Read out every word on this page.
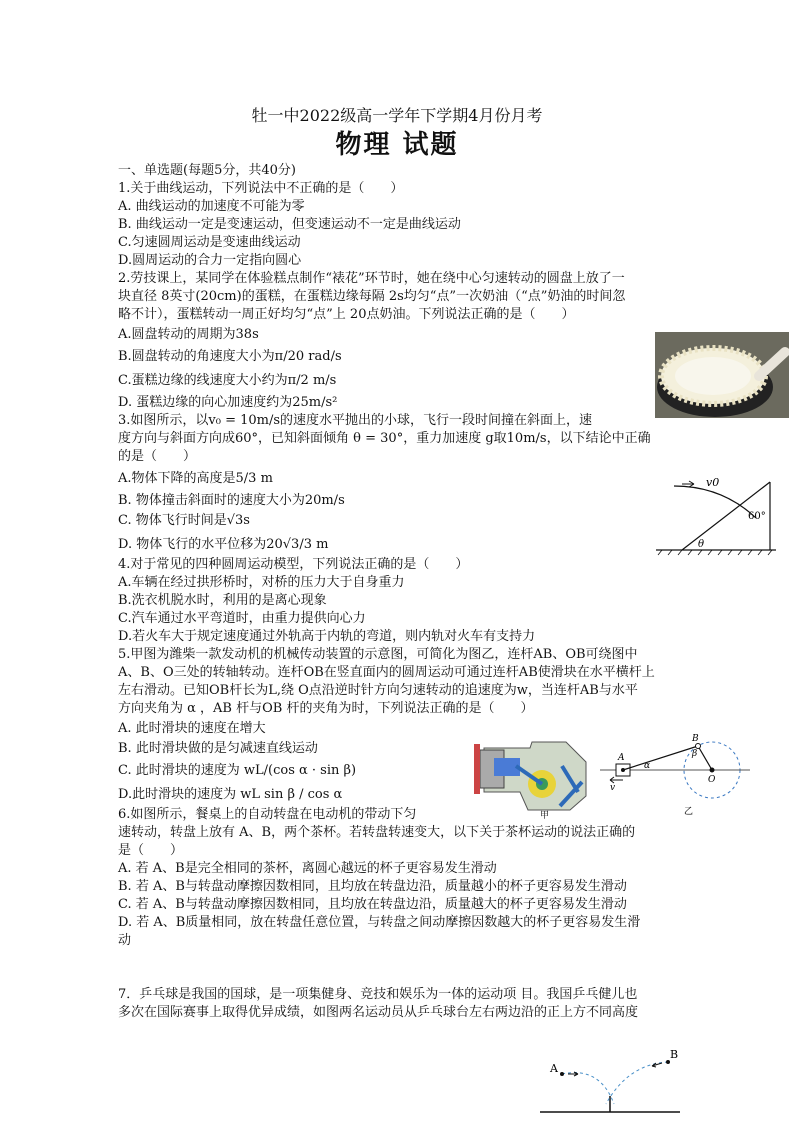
牡一中2022级高一学年下学期4月份月考
物理 试题
一、单选题(每题5分，共40分)
1.关于曲线运动，下列说法中不正确的是（　　）
A. 曲线运动的加速度不可能为零
B. 曲线运动一定是变速运动，但变速运动不一定是曲线运动
C.匀速圆周运动是变速曲线运动
D.圆周运动的合力一定指向圆心
2.劳技课上，某同学在体验糕点制作“裱花”环节时，她在绕中心匀速转动的圆盘上放了一
块直径 8英寸(20cm)的蛋糕，在蛋糕边缘每隔 2s均匀“点”一次奶油（“点”奶油的时间忽
略不计），蛋糕转动一周正好均匀“点”上 20点奶油。下列说法正确的是（　　）
A.圆盘转动的周期为38s
B.圆盘转动的角速度大小为π/20 rad/s
C.蛋糕边缘的线速度大小约为π/2 m/s
D. 蛋糕边缘的向心加速度约为25m/s²
3.如图所示，以v₀ = 10m/s的速度水平抛出的小球，飞行一段时间撞在斜面上，速
度方向与斜面方向成60°，已知斜面倾角 θ = 30°，重力加速度 g取10m/s，以下结论中正确
的是（　　）
A.物体下降的高度是5/3 m
B. 物体撞击斜面时的速度大小为20m/s
C. 物体飞行时间是√3s
D. 物体飞行的水平位移为20√3/3 m
v0
60°
θ
4.对于常见的四种圆周运动模型，下列说法正确的是（　　）
A.车辆在经过拱形桥时，对桥的压力大于自身重力
B.洗衣机脱水时，利用的是离心现象
C.汽车通过水平弯道时，由重力提供向心力
D.若火车大于规定速度通过外轨高于内轨的弯道，则内轨对火车有支持力
5.甲图为潍柴一款发动机的机械传动装置的示意图，可简化为图乙，连杆AB、OB可绕图中
A、B、O三处的转轴转动。连杆OB在竖直面内的圆周运动可通过连杆AB使滑块在水平横杆上
左右滑动。已知OB杆长为L,绕 O点沿逆时针方向匀速转动的追速度为w，当连杆AB与水平
方向夹角为 α ，AB 杆与OB 杆的夹角为时，下列说法正确的是（　　）
A. 此时滑块的速度在增大
B. 此时滑块做的是匀减速直线运动
C. 此时滑块的速度为 wL/(cos α · sin β)
D.此时滑块的速度为 wL sin β / cos α
甲
A
B
O
α
β
v
乙
6.如图所示，餐桌上的自动转盘在电动机的带动下匀
速转动，转盘上放有 A、B，两个茶杯。若转盘转速变大，以下关于茶杯运动的说法正确的
是（　　）
A. 若 A、B是完全相同的茶杯，离圆心越远的杯子更容易发生滑动
B. 若 A、B与转盘动摩擦因数相同，且均放在转盘边沿，质量越小的杯子更容易发生滑动
C. 若 A、B与转盘动摩擦因数相同，且均放在转盘边沿，质量越大的杯子更容易发生滑动
D. 若 A、B质量相同，放在转盘任意位置，与转盘之间动摩擦因数越大的杯子更容易发生滑
动
7．乒乓球是我国的国球，是一项集健身、竞技和娱乐为一体的运动项 目。我国乒乓健儿也
多次在国际赛事上取得优异成绩，如图两名运动员从乒乓球台左右两边沿的正上方不同高度
A
B
